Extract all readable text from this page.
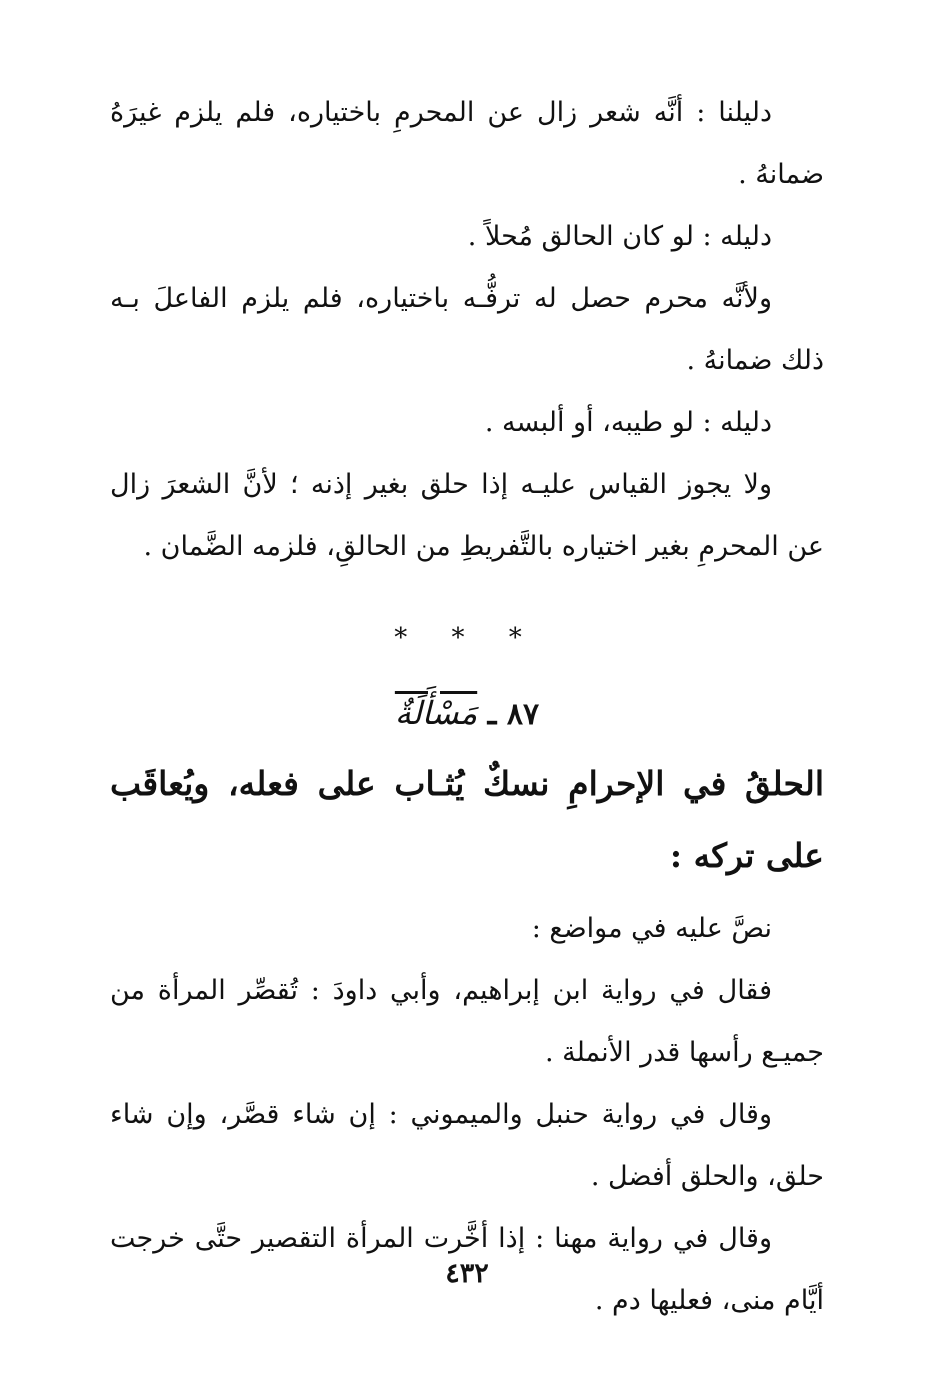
دليلنا : أنَّه شعر زال عن المحرمِ باختياره، فلم يلزم غيرَهُ ضمانهُ .

دليله : لو كان الحالق مُحلاً .

ولأنَّه محرم حصل له ترفُّـه باختياره، فلم يلزم الفاعلَ بـه ذلك ضمانهُ .

دليله : لو طيبه، أو ألبسه .

ولا يجوز القياس عليـه إذا حلق بغير إذنه ؛ لأنَّ الشعرَ زال عن المحرمِ بغير اختياره بالتَّفريطِ من الحالقِ، فلزمه الضَّمان .

* * *
٨٧ ـ مَسْأَلَةٌ
الحلقُ في الإحرامِ نسكٌ يُثـاب على فعله، ويُعاقَب على تركه :

نصَّ عليه في مواضع :

فقال في رواية ابن إبراهيم، وأبي داودَ : تُقصِّر المرأة من جميـع رأسها قدر الأنملة .

وقال في رواية حنبل والميموني : إن شاء قصَّر، وإن شاء حلق، والحلق أفضل .

وقال في رواية مهنا : إذا أخَّرت المرأة التقصير حتَّى خرجت أيَّام منى، فعليها دم .

٤٣٢
